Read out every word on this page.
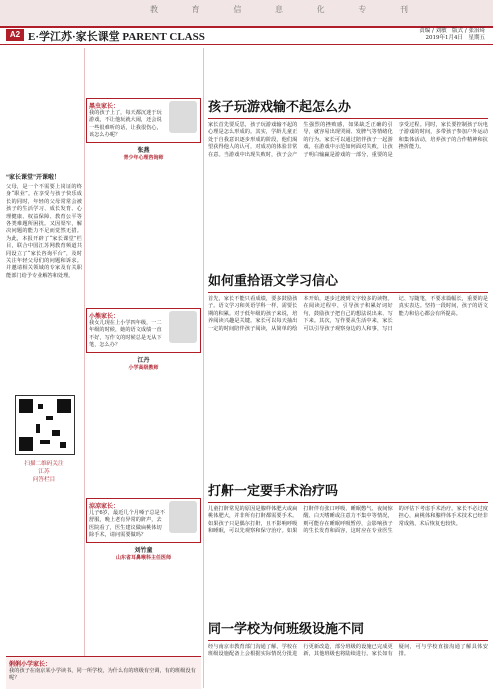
教	育	信	息	化	专	刊
A2 E·学江苏·家长课堂 PARENT CLASS	责编 / 刘敏　版式 / 张治琦
2019年1月4日　星期五
“家长课堂”开课啦！
父母，是一个不需要上岗证的终身“职业”。在享受与孩子快乐成长的同时，年轻的父母常常会被孩子的生活学习、成长发育、心理健康、权益保障、教育公平等各类难题所困扰。又因渠窄，解决问题的能力不足而觉然无措。为此，本报开辟了“家长课堂”栏目，联合中国江苏网教育频道共同设立了“家长咨询平台”，及时关注年轻父母们的问题和诉求。并邀请相关领域的专家及有关职能部门给予专业解答和处理。
扫描二维码关注
江苏
问答栏目
黑虫家长：
我的孩子上了，每天都沉迷于玩游戏，不让他玩就大闹，还会说一些很难听的话，让我很伤心，该怎么办呢？
张燕
青少年心理咨询师
小熊家长：
我女儿现在上小学四年级，一二年级的时候，她的语文成绩一直不好，写作文的时候总是无从下笔，怎么办？
江丹
小学高级教师
涼凉家长：
儿子6岁，最近几个月嗓子总是不舒服，晚上老有异常的鼾声，去医院看了，医生建议做扁桃体切除手术，请问需要做吗？
刘竹童
山东省耳鼻喉科主任医师
孩子玩游戏输不起怎么办
家长首先要反思，孩子玩游戏输不起的心理是怎么形成的。其实，学龄儿童正处于自我意识逐步形成的阶段，他们渴望获得他人的认可，对成功的体验非常在意。当游戏中出现失败时，孩子会产生强烈的挫败感，如果缺乏正确的引导，就容易出现哭闹、发脾气等情绪化的行为。家长可以通过陪伴孩子一起游戏，在游戏中示范如何面对失败，让孩子明白输赢是游戏的一部分，重要的是享受过程。同时，家长要控制孩子玩电子游戏的时间，多带孩子参加户外运动和集体活动，培养孩子的合作精神和抗挫折能力。
如何重拾语文学习信心
首先，家长不能只看成绩，要多鼓励孩子。语文学习和英语学科一样，需要长期的积累。对于低年级的孩子来说，培养阅读兴趣是关键。家长可以每天抽出一定的时间陪伴孩子阅读，从简单的绘本开始，逐步过渡到文字较多的读物。在阅读过程中，引导孩子积累好词好句，鼓励孩子把自己的想法说出来、写下来。其次，写作要从生活中来，家长可以引导孩子观察身边的人和事，写日记、写随笔，不要求篇幅长，重要的是真实表达。坚持一段时间，孩子的语文能力和信心都会有所提高。
打鼾一定要手术治疗吗
儿童打鼾常见的原因是腺样体肥大或扁桃体肥大，并非所有打鼾都需要手术。如果孩子只是偶尔打鼾，且不影响呼吸和睡眠，可以先观察和保守治疗。如果打鼾伴有张口呼吸、睡眠憋气、夜间惊醒、白天嗜睡或注意力不集中等情况，则可能存在睡眠呼吸暂停，会影响孩子的生长发育和面容，这时应在专业医生的评估下考虑手术治疗。家长不必过度担心，扁桃体和腺样体手术技术已经非常成熟，术后恢复也较快。
同一学校为何班级设施不同
经与南京市教育部门沟通了解，学校在班级设施配备上会根据实际情况分批进行更新改造，部分班级的设施已完成更新，其他班级也将陆续进行。家长如有疑问，可与学校直接沟通了解具体安排。
俐俐小学家长：
我的孩子在南京某小学读书，同一所学校，为什么有的班级有空调，有的班级没有呢？
